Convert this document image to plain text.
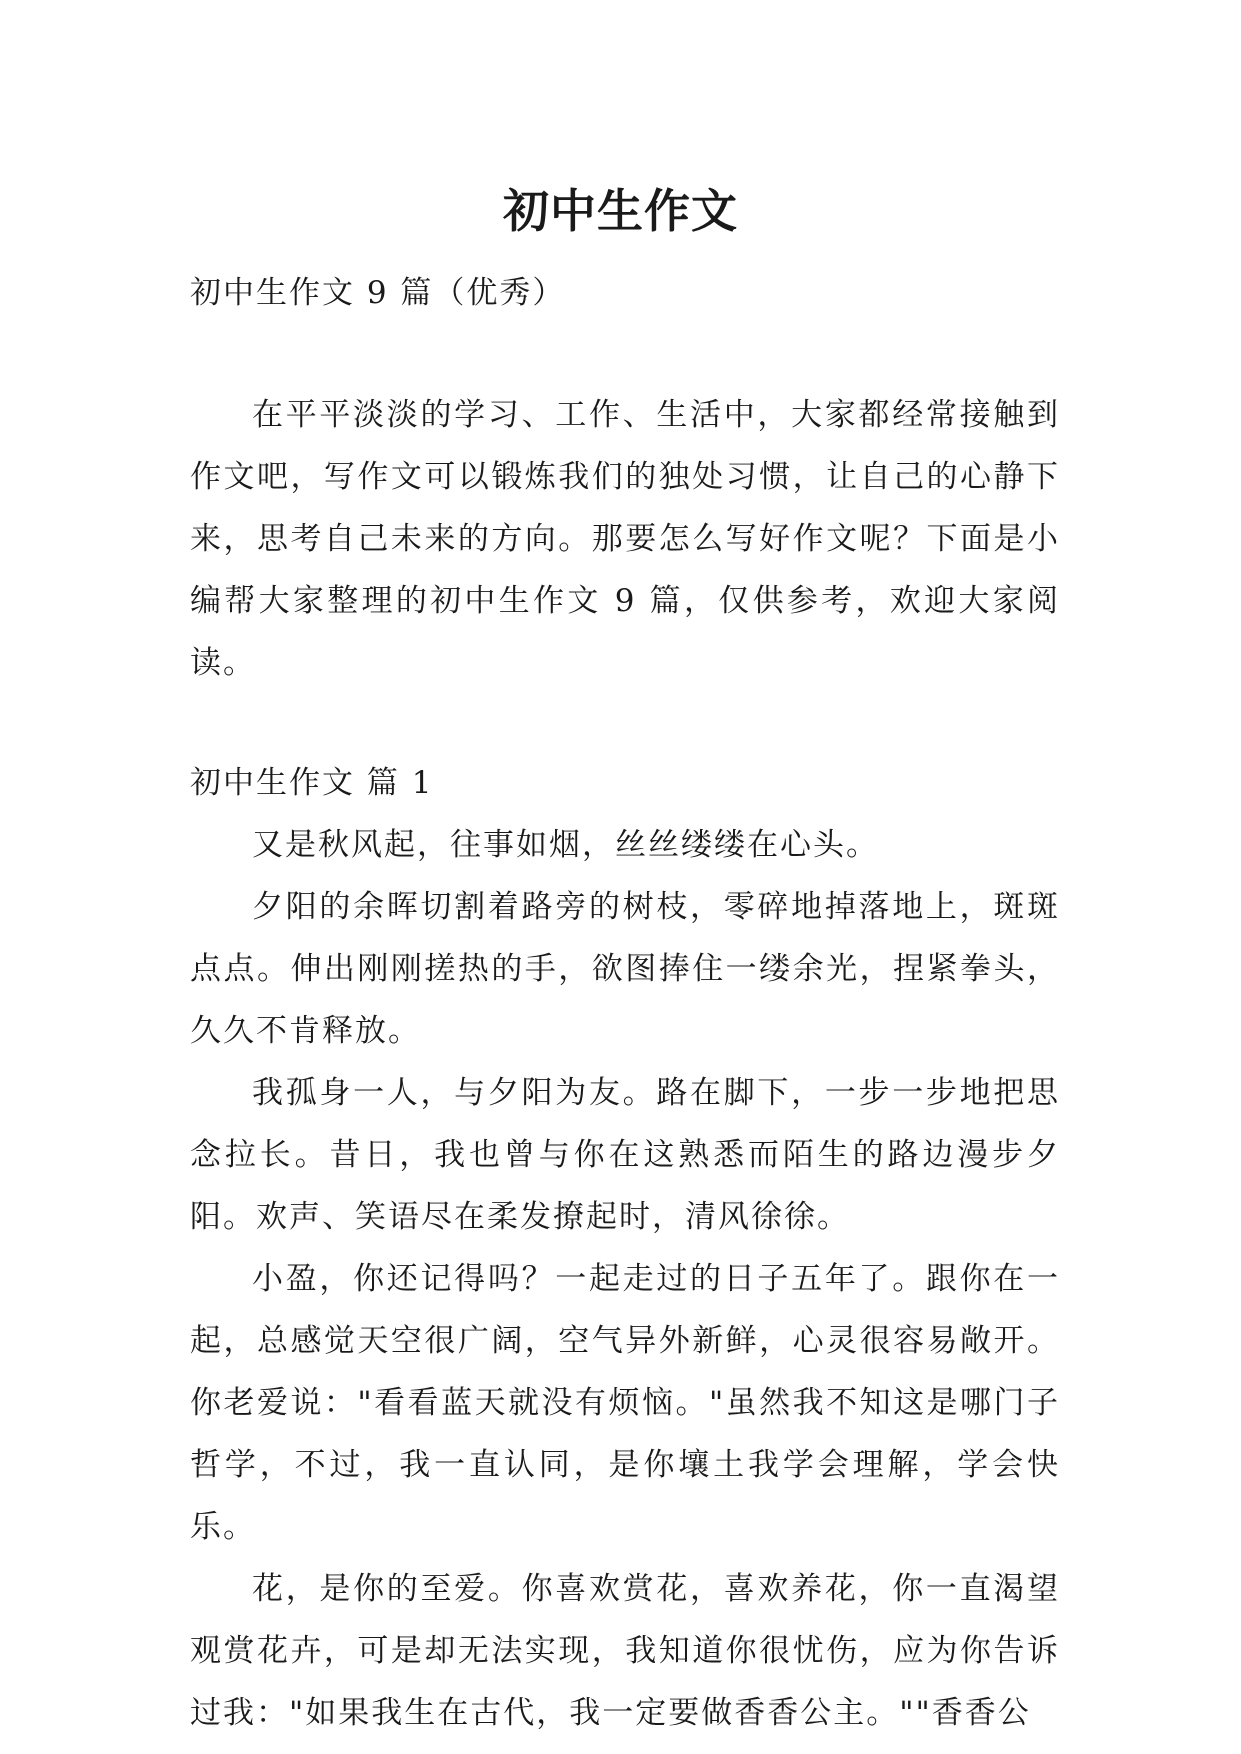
初中生作文

初中生作文 9 篇（优秀）

在平平淡淡的学习、工作、生活中，大家都经常接触到作文吧，写作文可以锻炼我们的独处习惯，让自己的心静下来，思考自己未来的方向。那要怎么写好作文呢？下面是小编帮大家整理的初中生作文 9 篇，仅供参考，欢迎大家阅读。

初中生作文 篇 1

又是秋风起，往事如烟，丝丝缕缕在心头。

夕阳的余晖切割着路旁的树枝，零碎地掉落地上，斑斑点点。伸出刚刚搓热的手，欲图捧住一缕余光，捏紧拳头，久久不肯释放。

我孤身一人，与夕阳为友。路在脚下，一步一步地把思念拉长。昔日，我也曾与你在这熟悉而陌生的路边漫步夕阳。欢声、笑语尽在柔发撩起时，清风徐徐。

小盈，你还记得吗？一起走过的日子五年了。跟你在一起，总感觉天空很广阔，空气异外新鲜，心灵很容易敞开。你老爱说："看看蓝天就没有烦恼。"虽然我不知这是哪门子哲学，不过，我一直认同，是你壤土我学会理解，学会快乐。

花，是你的至爱。你喜欢赏花，喜欢养花，你一直渴望观赏花卉，可是却无法实现，我知道你很忧伤，应为你告诉过我："如果我生在古代，我一定要做香香公主。""香香公
